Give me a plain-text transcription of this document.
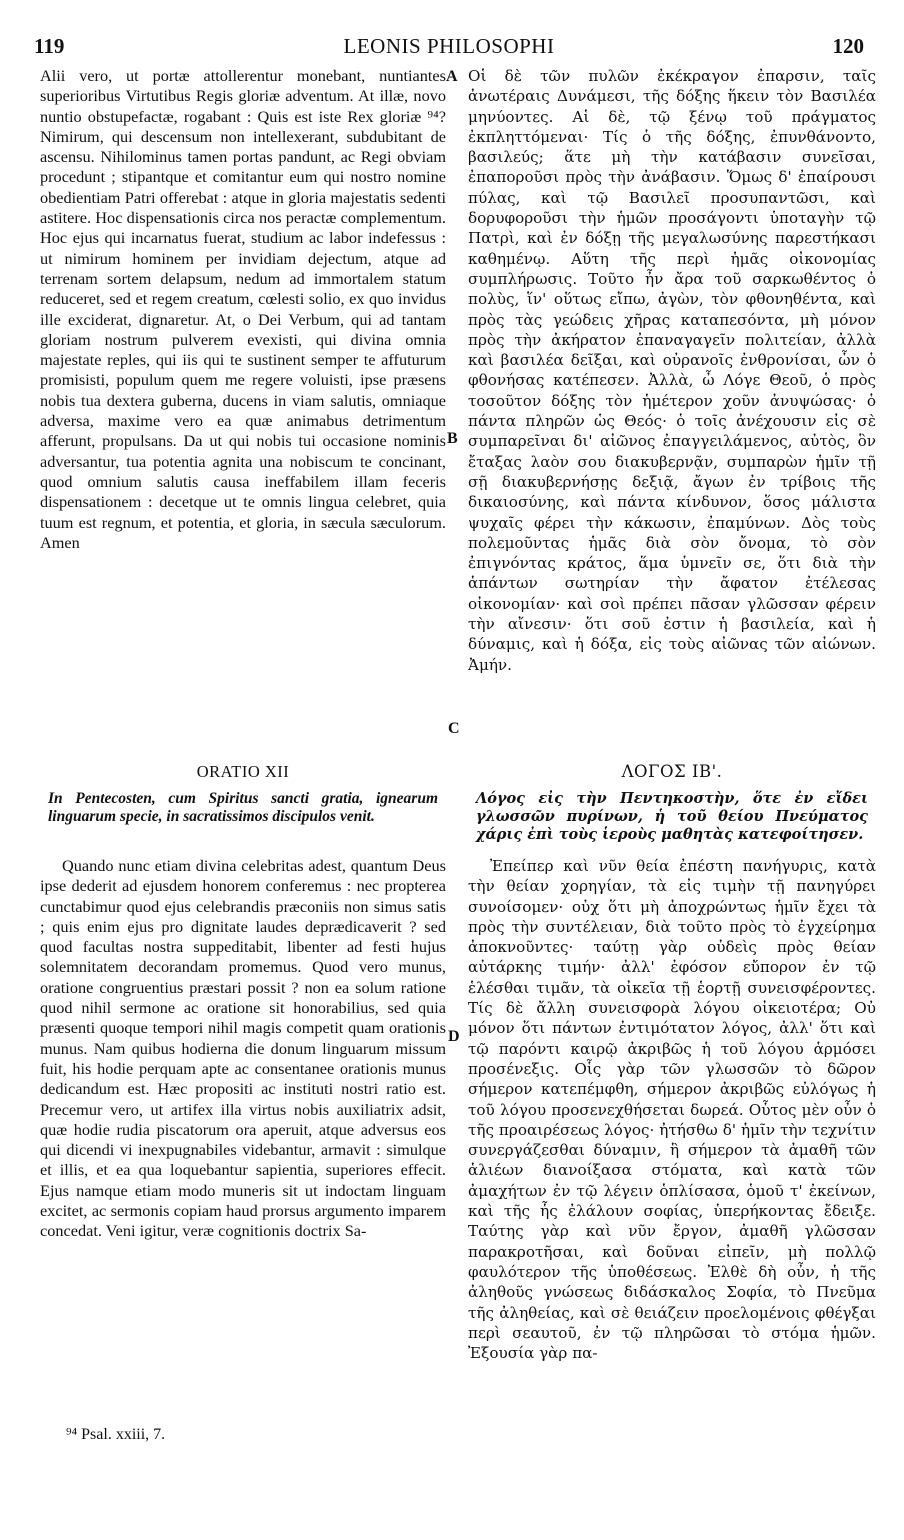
119	LEONIS PHILOSOPHI	120

Alii vero, ut portæ attollerentur monebant, nuntiantes superioribus Virtutibus Regis gloriæ adventum. At illæ, novo nuntio obstupefactæ, rogabant : Quis est iste Rex gloriæ ⁹⁴? Nimirum, qui descensum non intellexerant, subdubitant de ascensu. Nihilominus tamen portas pandunt, ac Regi obviam procedunt ; stipantque et comitantur eum qui nostro nomine obedientiam Patri offerebat : atque in gloria majestatis sedenti astitere. Hoc dispensationis circa nos peractæ complementum. Hoc ejus qui incarnatus fuerat, studium ac labor indefessus : ut nimirum hominem per invidiam dejectum, atque ad terrenam sortem delapsum, nedum ad immortalem statum reduceret, sed et regem creatum, cœlesti solio, ex quo invidus ille exciderat, dignaretur. At, o Dei Verbum, qui ad tantam gloriam nostrum pulverem evexisti, qui divina omnia majestate reples, qui iis qui te sustinent semper te affuturum promisisti, populum quem me regere voluisti, ipse præsens nobis tua dextera guberna, ducens in viam salutis, omniaque adversa, maxime vero ea quæ animabus detrimentum afferunt, propulsans. Da ut qui nobis tui occasione nominis adversantur, tua potentia agnita una nobiscum te concinant, quod omnium salutis causa ineffabilem illam feceris dispensationem : decetque ut te omnis lingua celebret, quia tuum est regnum, et potentia, et gloria, in sæcula sæculorum. Amen

Οἱ δὲ τῶν πυλῶν ἐκέκραγον ἐπαρσιν, ταῖς ἀνωτέραις Δυνάμεσι, τῆς δόξης ἥκειν τὸν Βασιλέα μηνύοντες. Αἱ δὲ, τῷ ξένῳ τοῦ πράγματος ἐκπληττόμεναι· Τίς ὁ τῆς δόξης, ἐπυνθάνοντο, βασιλεύς; ἅτε μὴ τὴν κατάβασιν συνεῖσαι, ἐπαποροῦσι πρὸς τὴν ἀνάβασιν. Ὅμως δ' ἐπαίρουσι πύλας, καὶ τῷ Βασιλεῖ προσυπαντῶσι, καὶ δορυφοροῦσι τὴν ἡμῶν προσάγοντι ὑποταγὴν τῷ Πατρὶ, καὶ ἐν δόξῃ τῆς μεγαλωσύνης παρεστήκασι καθημένῳ. Αὕτη τῆς περὶ ἡμᾶς οἰκονομίας συμπλήρωσις. Τοῦτο ἦν ἄρα τοῦ σαρκωθέντος ὁ πολὺς, ἵν' οὕτως εἴπω, ἀγὼν, τὸν φθονηθέντα, καὶ πρὸς τὰς γεώδεις χῆρας καταπεσόντα, μὴ μόνον πρὸς τὴν ἀκήρατον ἐπαναγαγεῖν πολιτείαν, ἀλλὰ καὶ βασιλέα δεῖξαι, καὶ οὐρανοῖς ἐνθρονίσαι, ὧν ὁ φθονήσας κατέπεσεν. Ἀλλὰ, ὦ Λόγε Θεοῦ, ὁ πρὸς τοσοῦτον δόξης τὸν ἡμέτερον χοῦν ἀνυψώσας· ὁ πάντα πληρῶν ὡς Θεός· ὁ τοῖς ἀνέχουσιν εἰς σὲ συμπαρεῖναι δι' αἰῶνος ἐπαγγειλάμενος, αὐτὸς, ὃν ἔταξας λαὸν σου διακυβερνᾷν, συμπαρὼν ἡμῖν τῇ σῇ διακυβερνήσῃς δεξιᾷ, ἄγων ἐν τρίβοις τῆς δικαιοσύνης, καὶ πάντα κίνδυνον, ὅσος μάλιστα ψυχαῖς φέρει τὴν κάκωσιν, ἐπαμύνων. Δὸς τοὺς πολεμοῦντας ἡμᾶς διὰ σὸν ὄνομα, τὸ σὸν ἐπιγνόντας κράτος, ἅμα ὑμνεῖν σε, ὅτι διὰ τὴν ἁπάντων σωτηρίαν τὴν ἄφατον ἐτέλεσας οἰκονομίαν· καὶ σοὶ πρέπει πᾶσαν γλῶσσαν φέρειν τὴν αἴνεσιν· ὅτι σοῦ ἐστιν ἡ βασιλεία, καὶ ἡ δύναμις, καὶ ἡ δόξα, εἰς τοὺς αἰῶνας τῶν αἰώνων. Ἀμήν.

A
B
C
D
ORATIO XII
In Pentecosten, cum Spiritus sancti gratia, ignearum linguarum specie, in sacratissimos discipulos venit.
ΛΟΓΟΣ ΙΒ'.
Λόγος εἰς τὴν Πεντηκοστὴν, ὅτε ἐν εἴδει γλωσσῶν πυρίνων, ἡ τοῦ θείου Πνεύματος χάρις ἐπὶ τοὺς ἱεροὺς μαθητὰς κατεφοίτησεν.

Quando nunc etiam divina celebritas adest, quantum Deus ipse dederit ad ejusdem honorem conferemus : nec propterea cunctabimur quod ejus celebrandis præconiis non simus satis ; quis enim ejus pro dignitate laudes deprædicaverit ? sed quod facultas nostra suppeditabit, libenter ad festi hujus solemnitatem decorandam promemus. Quod vero munus, oratione congruentius præstari possit ? non ea solum ratione quod nihil sermone ac oratione sit honorabilius, sed quia præsenti quoque tempori nihil magis competit quam orationis munus. Nam quibus hodierna die donum linguarum missum fuit, his hodie perquam apte ac consentanee orationis munus dedicandum est. Hæc propositi ac instituti nostri ratio est. Precemur vero, ut artifex illa virtus nobis auxiliatrix adsit, quæ hodie rudia piscatorum ora aperuit, atque adversus eos qui dicendi vi inexpugnabiles videbantur, armavit : simulque et illis, et ea qua loquebantur sapientia, superiores effecit. Ejus namque etiam modo muneris sit ut indoctam linguam excitet, ac sermonis copiam haud prorsus argumento imparem concedat. Veni igitur, veræ cognitionis doctrix Sa-

Ἐπείπερ καὶ νῦν θεία ἐπέστη πανήγυρις, κατὰ τὴν θείαν χορηγίαν, τὰ εἰς τιμὴν τῇ πανηγύρει συνοίσομεν· οὐχ ὅτι μὴ ἀποχρώντως ἡμῖν ἔχει τὰ πρὸς τὴν συντέλειαν, διὰ τοῦτο πρὸς τὸ ἐγχείρημα ἀποκνοῦντες· ταύτῃ γὰρ οὐδεὶς πρὸς θείαν αὐτάρκης τιμήν· ἀλλ' ἐφόσον εὔπορον ἐν τῷ ἑλέσθαι τιμᾶν, τὰ οἰκεῖα τῇ ἑορτῇ συνεισφέροντες. Τίς δὲ ἄλλη συνεισφορὰ λόγου οἰκειοτέρα; Οὐ μόνον ὅτι πάντων ἐντιμότατον λόγος, ἀλλ' ὅτι καὶ τῷ παρόντι καιρῷ ἀκριβῶς ἡ τοῦ λόγου ἁρμόσει προσένεξις. Οἷς γὰρ τῶν γλωσσῶν τὸ δῶρον σήμερον κατεπέμφθη, σήμερον ἀκριβῶς εὐλόγως ἡ τοῦ λόγου προσενεχθήσεται δωρεά. Οὗτος μὲν οὖν ὁ τῆς προαιρέσεως λόγος· ἠτήσθω δ' ἡμῖν τὴν τεχνίτιν συνεργάζεσθαι δύναμιν, ἣ σήμερον τὰ ἀμαθῆ τῶν ἁλιέων διανοίξασα στόματα, καὶ κατὰ τῶν ἀμαχήτων ἐν τῷ λέγειν ὁπλίσασα, ὁμοῦ τ' ἐκείνων, καὶ τῆς ἧς ἐλάλουν σοφίας, ὑπερήκοντας ἔδειξε. Ταύτης γὰρ καὶ νῦν ἔργον, ἀμαθῆ γλῶσσαν παρακροτῆσαι, καὶ δοῦναι εἰπεῖν, μὴ πολλῷ φαυλότερον τῆς ὑποθέσεως. Ἐλθὲ δὴ οὖν, ἡ τῆς ἀληθοῦς γνώσεως διδάσκαλος Σοφία, τὸ Πνεῦμα τῆς ἀληθείας, καὶ σὲ θειάζειν προελομένοις φθέγξαι περὶ σεαυτοῦ, ἐν τῷ πληρῶσαι τὸ στόμα ἡμῶν. Ἐξουσία γὰρ πα-

⁹⁴ Psal. xxiii, 7.
